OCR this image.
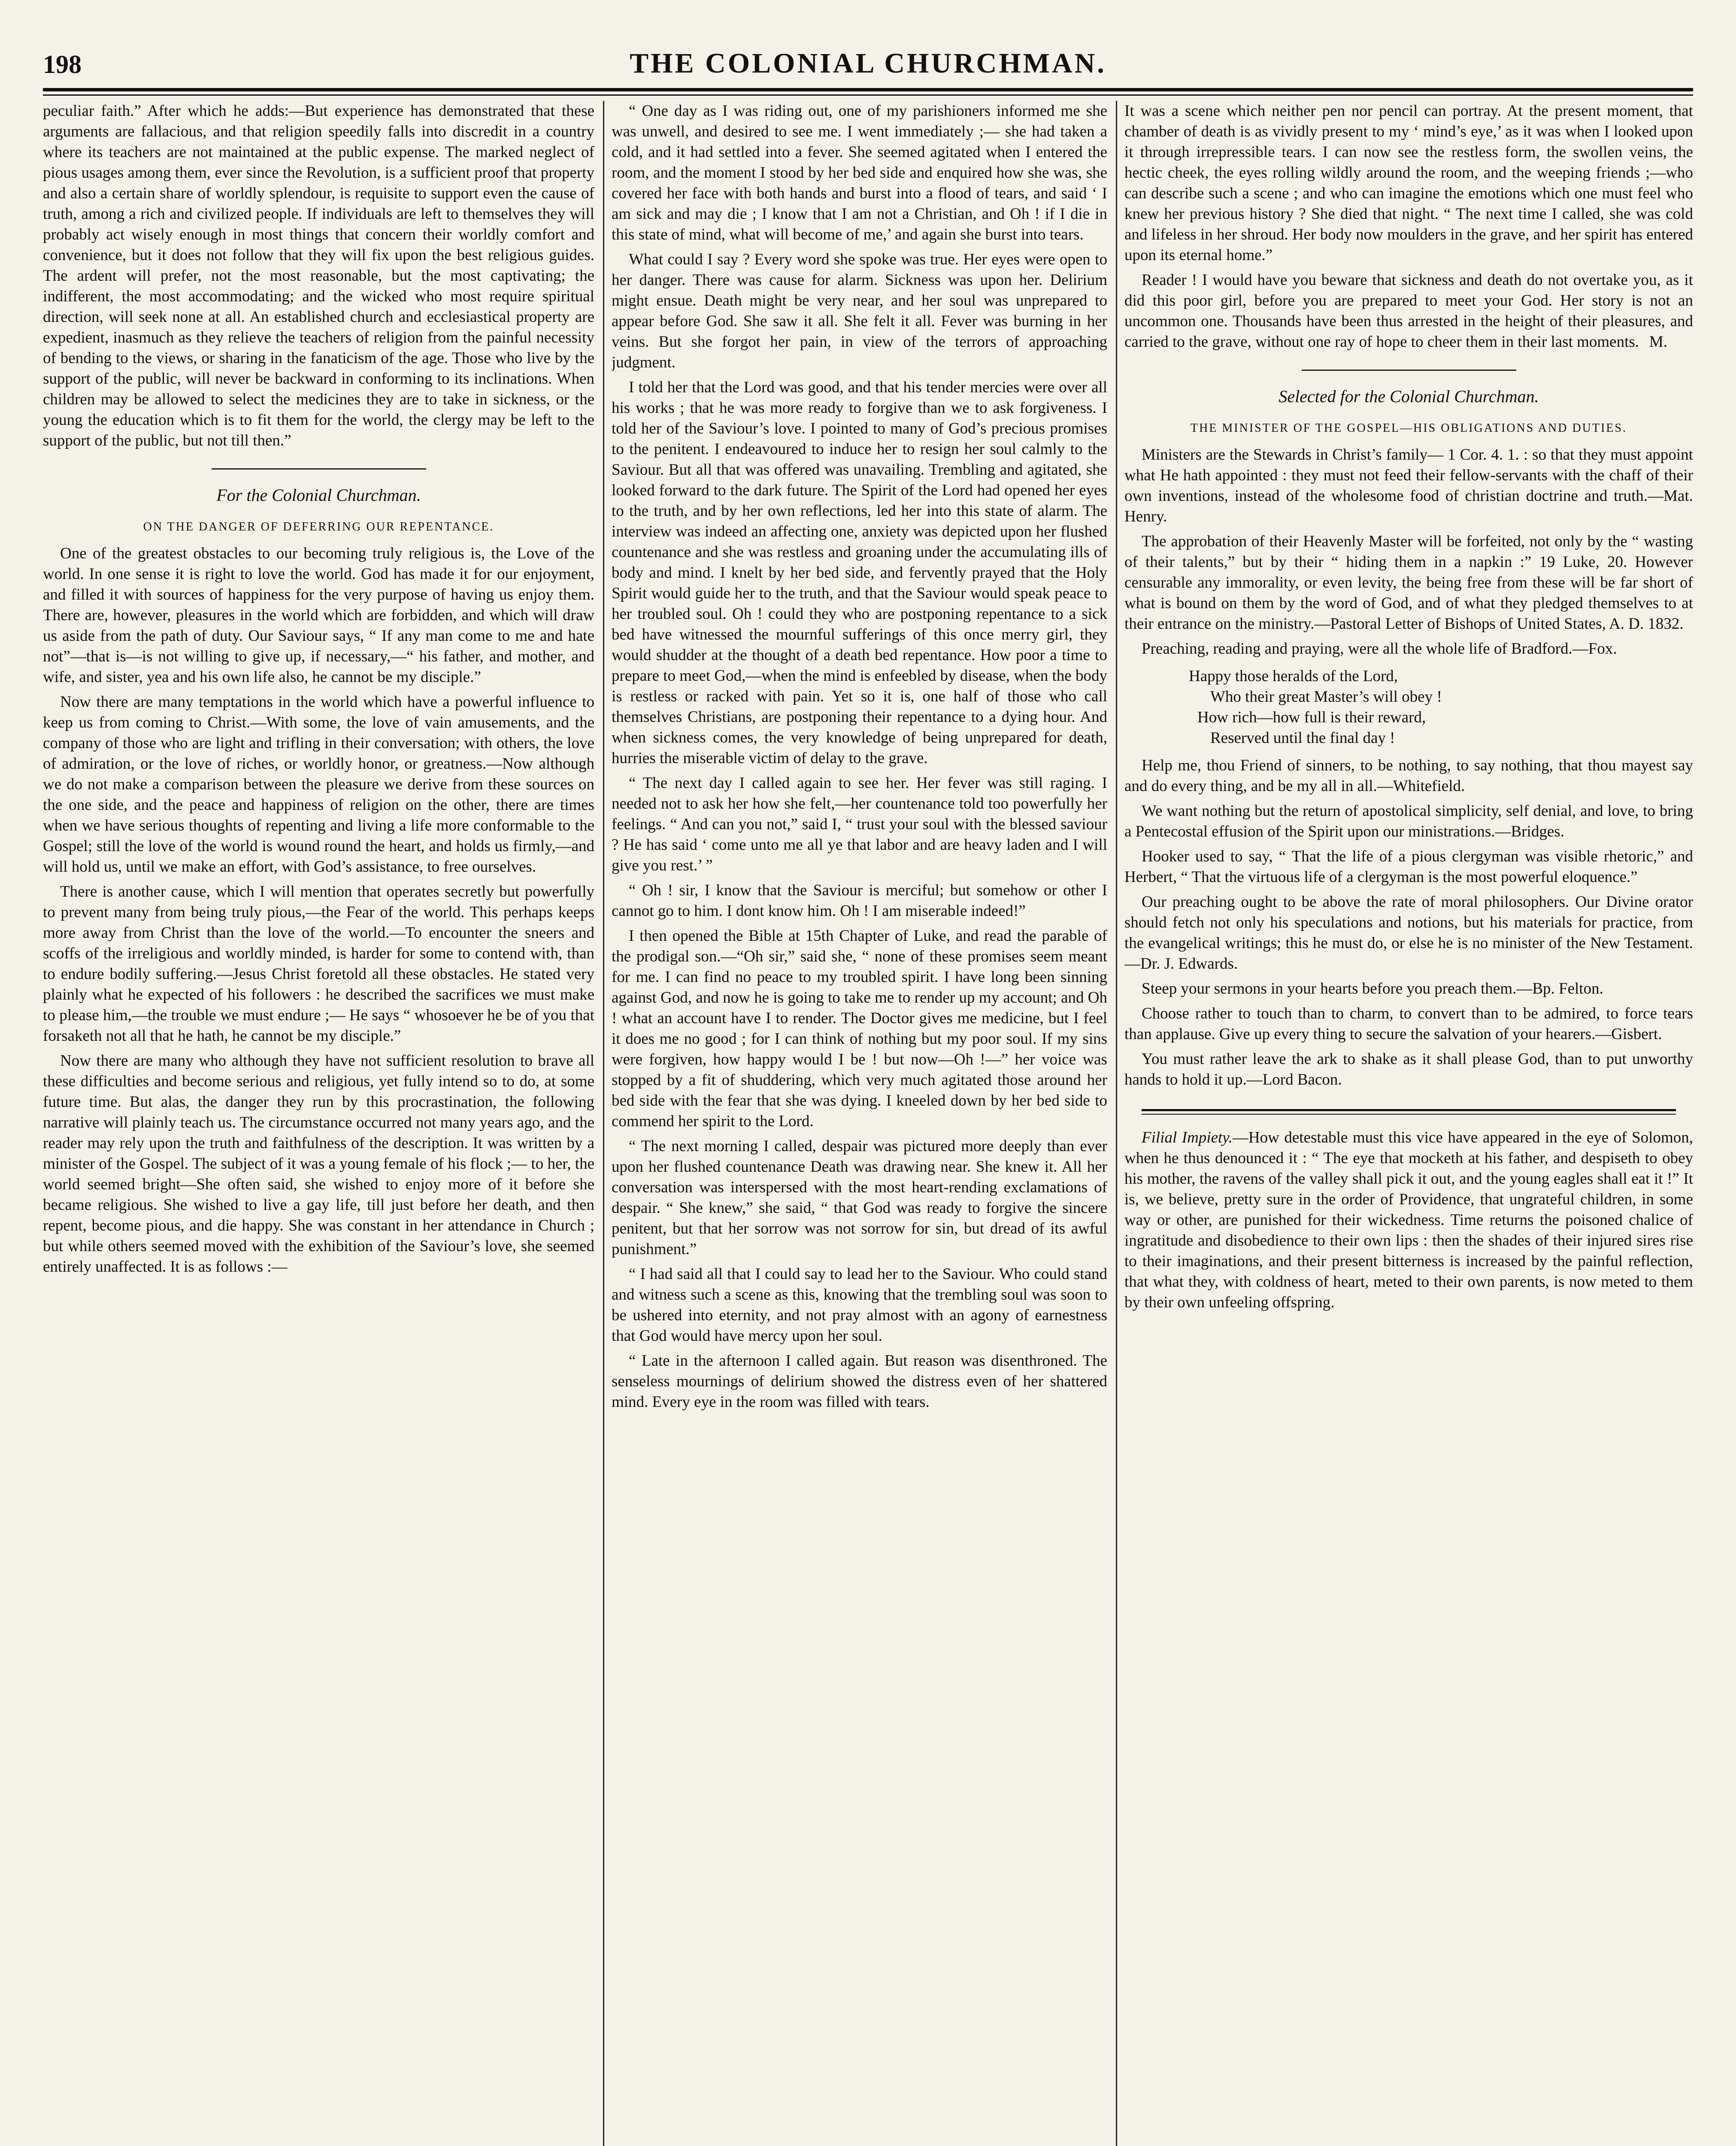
198	THE COLONIAL CHURCHMAN.

peculiar faith.” After which he adds:—But experience has demonstrated that these arguments are fallacious, and that religion speedily falls into discredit in a country where its teachers are not maintained at the public expense. The marked neglect of pious usages among them, ever since the Revolution, is a sufficient proof that property and also a certain share of worldly splendour, is requisite to support even the cause of truth, among a rich and civilized people. If individuals are left to themselves they will probably act wisely enough in most things that concern their worldly comfort and convenience, but it does not follow that they will fix upon the best religious guides. The ardent will prefer, not the most reasonable, but the most captivating; the indifferent, the most accommodating; and the wicked who most require spiritual direction, will seek none at all. An established church and ecclesiastical property are expedient, inasmuch as they relieve the teachers of religion from the painful necessity of bending to the views, or sharing in the fanaticism of the age. Those who live by the support of the public, will never be backward in conforming to its inclinations. When children may be allowed to select the medicines they are to take in sickness, or the young the education which is to fit them for the world, the clergy may be left to the support of the public, but not till then.”

For the Colonial Churchman.
ON THE DANGER OF DEFERRING OUR REPENTANCE.

One of the greatest obstacles to our becoming truly religious is, the Love of the world. In one sense it is right to love the world. God has made it for our enjoyment, and filled it with sources of happiness for the very purpose of having us enjoy them. There are, however, pleasures in the world which are forbidden, and which will draw us aside from the path of duty. Our Saviour says, “ If any man come to me and hate not”—that is—is not willing to give up, if necessary,—“ his father, and mother, and wife, and sister, yea and his own life also, he cannot be my disciple.”

Now there are many temptations in the world which have a powerful influence to keep us from coming to Christ.—With some, the love of vain amusements, and the company of those who are light and trifling in their conversation; with others, the love of admiration, or the love of riches, or worldly honor, or greatness.—Now although we do not make a comparison between the pleasure we derive from these sources on the one side, and the peace and happiness of religion on the other, there are times when we have serious thoughts of repenting and living a life more conformable to the Gospel; still the love of the world is wound round the heart, and holds us firmly,—and will hold us, until we make an effort, with God’s assistance, to free ourselves.

There is another cause, which I will mention that operates secretly but powerfully to prevent many from being truly pious,—the Fear of the world. This perhaps keeps more away from Christ than the love of the world.—To encounter the sneers and scoffs of the irreligious and worldly minded, is harder for some to contend with, than to endure bodily suffering.—Jesus Christ foretold all these obstacles. He stated very plainly what he expected of his followers : he described the sacrifices we must make to please him,—the trouble we must endure ;— He says “ whosoever he be of you that forsaketh not all that he hath, he cannot be my disciple.”

Now there are many who although they have not sufficient resolution to brave all these difficulties and become serious and religious, yet fully intend so to do, at some future time. But alas, the danger they run by this procrastination, the following narrative will plainly teach us. The circumstance occurred not many years ago, and the reader may rely upon the truth and faithfulness of the description. It was written by a minister of the Gospel. The subject of it was a young female of his flock ;— to her, the world seemed bright—She often said, she wished to enjoy more of it before she became religious. She wished to live a gay life, till just before her death, and then repent, become pious, and die happy. She was constant in her attendance in Church ; but while others seemed moved with the exhibition of the Saviour’s love, she seemed entirely unaffected. It is as follows :—

“ One day as I was riding out, one of my parishioners informed me she was unwell, and desired to see me. I went immediately ;— she had taken a cold, and it had settled into a fever. She seemed agitated when I entered the room, and the moment I stood by her bed side and enquired how she was, she covered her face with both hands and burst into a flood of tears, and said ‘ I am sick and may die ; I know that I am not a Christian, and Oh ! if I die in this state of mind, what will become of me,’ and again she burst into tears.

What could I say ? Every word she spoke was true. Her eyes were open to her danger. There was cause for alarm. Sickness was upon her. Delirium might ensue. Death might be very near, and her soul was unprepared to appear before God. She saw it all. She felt it all. Fever was burning in her veins. But she forgot her pain, in view of the terrors of approaching judgment.

I told her that the Lord was good, and that his tender mercies were over all his works ; that he was more ready to forgive than we to ask forgiveness. I told her of the Saviour’s love. I pointed to many of God’s precious promises to the penitent. I endeavoured to induce her to resign her soul calmly to the Saviour. But all that was offered was unavailing. Trembling and agitated, she looked forward to the dark future. The Spirit of the Lord had opened her eyes to the truth, and by her own reflections, led her into this state of alarm. The interview was indeed an affecting one, anxiety was depicted upon her flushed countenance and she was restless and groaning under the accumulating ills of body and mind. I knelt by her bed side, and fervently prayed that the Holy Spirit would guide her to the truth, and that the Saviour would speak peace to her troubled soul. Oh ! could they who are postponing repentance to a sick bed have witnessed the mournful sufferings of this once merry girl, they would shudder at the thought of a death bed repentance. How poor a time to prepare to meet God,—when the mind is enfeebled by disease, when the body is restless or racked with pain. Yet so it is, one half of those who call themselves Christians, are postponing their repentance to a dying hour. And when sickness comes, the very knowledge of being unprepared for death, hurries the miserable victim of delay to the grave.

“ The next day I called again to see her. Her fever was still raging. I needed not to ask her how she felt,—her countenance told too powerfully her feelings. “ And can you not,” said I, “ trust your soul with the blessed saviour ? He has said ‘ come unto me all ye that labor and are heavy laden and I will give you rest.’ ”

“ Oh ! sir, I know that the Saviour is merciful; but somehow or other I cannot go to him. I dont know him. Oh ! I am miserable indeed!”

I then opened the Bible at 15th Chapter of Luke, and read the parable of the prodigal son.—“Oh sir,” said she, “ none of these promises seem meant for me. I can find no peace to my troubled spirit. I have long been sinning against God, and now he is going to take me to render up my account; and Oh ! what an account have I to render. The Doctor gives me medicine, but I feel it does me no good ; for I can think of nothing but my poor soul. If my sins were forgiven, how happy would I be ! but now—Oh !—” her voice was stopped by a fit of shuddering, which very much agitated those around her bed side with the fear that she was dying. I kneeled down by her bed side to commend her spirit to the Lord.

“ The next morning I called, despair was pictured more deeply than ever upon her flushed countenance Death was drawing near. She knew it. All her conversation was interspersed with the most heart-rending exclamations of despair. “ She knew,” she said, “ that God was ready to forgive the sincere penitent, but that her sorrow was not sorrow for sin, but dread of its awful punishment.”

“ I had said all that I could say to lead her to the Saviour. Who could stand and witness such a scene as this, knowing that the trembling soul was soon to be ushered into eternity, and not pray almost with an agony of earnestness that God would have mercy upon her soul.

“ Late in the afternoon I called again. But reason was disenthroned. The senseless mournings of delirium showed the distress even of her shattered mind. Every eye in the room was filled with tears.

It was a scene which neither pen nor pencil can portray. At the present moment, that chamber of death is as vividly present to my ‘ mind’s eye,’ as it was when I looked upon it through irrepressible tears. I can now see the restless form, the swollen veins, the hectic cheek, the eyes rolling wildly around the room, and the weeping friends ;—who can describe such a scene ; and who can imagine the emotions which one must feel who knew her previous history ? She died that night. “ The next time I called, she was cold and lifeless in her shroud. Her body now moulders in the grave, and her spirit has entered upon its eternal home.”

Reader ! I would have you beware that sickness and death do not overtake you, as it did this poor girl, before you are prepared to meet your God. Her story is not an uncommon one. Thousands have been thus arrested in the height of their pleasures, and carried to the grave, without one ray of hope to cheer them in their last moments. M.
Selected for the Colonial Churchman.
THE MINISTER OF THE GOSPEL—HIS OBLIGATIONS AND DUTIES.

Ministers are the Stewards in Christ’s family— 1 Cor. 4. 1. : so that they must appoint what He hath appointed : they must not feed their fellow-servants with the chaff of their own inventions, instead of the wholesome food of christian doctrine and truth.—Mat. Henry.

The approbation of their Heavenly Master will be forfeited, not only by the “ wasting of their talents,” but by their “ hiding them in a napkin :” 19 Luke, 20. However censurable any immorality, or even levity, the being free from these will be far short of what is bound on them by the word of God, and of what they pledged themselves to at their entrance on the ministry.—Pastoral Letter of Bishops of United States, A. D. 1832.

Preaching, reading and praying, were all the whole life of Bradford.—Fox.

Happy those heralds of the Lord,
Who their great Master’s will obey !
How rich—how full is their reward,
Reserved until the final day !

Help me, thou Friend of sinners, to be nothing, to say nothing, that thou mayest say and do every thing, and be my all in all.—Whitefield.

We want nothing but the return of apostolical simplicity, self denial, and love, to bring a Pentecostal effusion of the Spirit upon our ministrations.—Bridges.

Hooker used to say, “ That the life of a pious clergyman was visible rhetoric,” and Herbert, “ That the virtuous life of a clergyman is the most powerful eloquence.”

Our preaching ought to be above the rate of moral philosophers. Our Divine orator should fetch not only his speculations and notions, but his materials for practice, from the evangelical writings; this he must do, or else he is no minister of the New Testament.—Dr. J. Edwards.

Steep your sermons in your hearts before you preach them.—Bp. Felton.

Choose rather to touch than to charm, to convert than to be admired, to force tears than applause. Give up every thing to secure the salvation of your hearers.—Gisbert.

You must rather leave the ark to shake as it shall please God, than to put unworthy hands to hold it up.—Lord Bacon.

Filial Impiety.—How detestable must this vice have appeared in the eye of Solomon, when he thus denounced it : “ The eye that mocketh at his father, and despiseth to obey his mother, the ravens of the valley shall pick it out, and the young eagles shall eat it !” It is, we believe, pretty sure in the order of Providence, that ungrateful children, in some way or other, are punished for their wickedness. Time returns the poisoned chalice of ingratitude and disobedience to their own lips : then the shades of their injured sires rise to their imaginations, and their present bitterness is increased by the painful reflection, that what they, with coldness of heart, meted to their own parents, is now meted to them by their own unfeeling offspring.
